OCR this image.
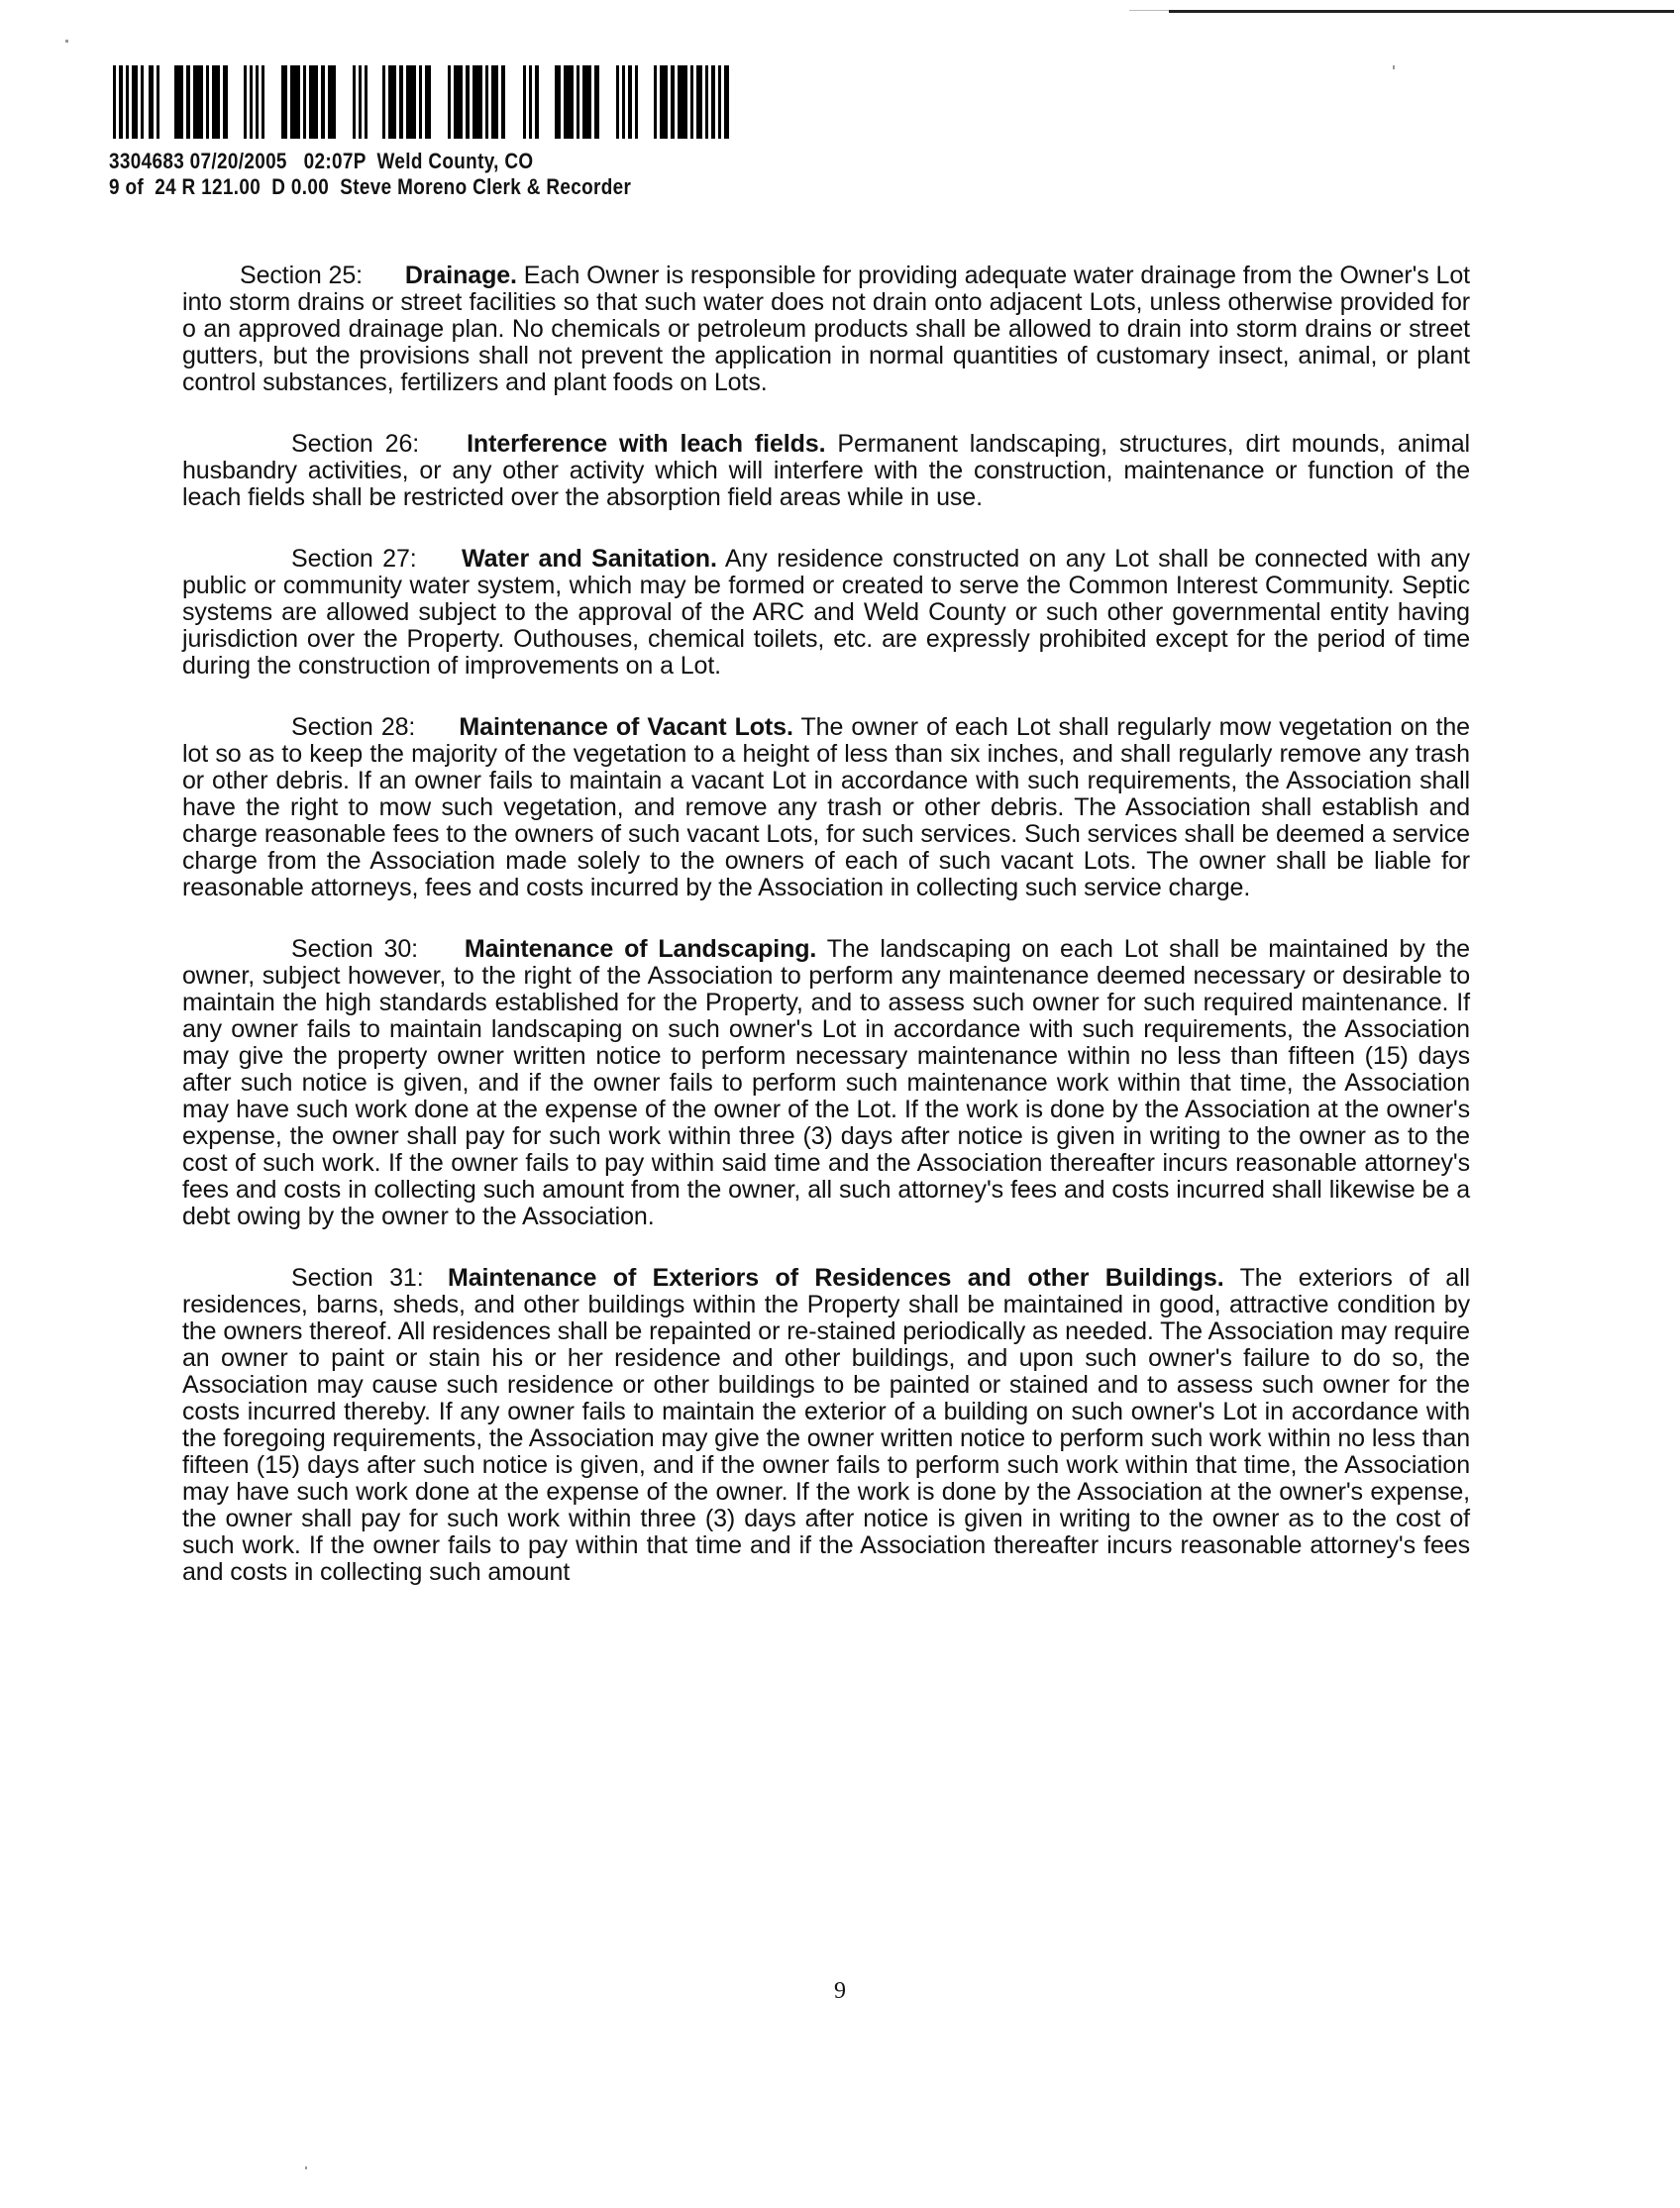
3304683 07/20/2005   02:07P  Weld County, CO
9 of  24 R 121.00  D 0.00  Steve Moreno Clerk & Recorder

Section 25: Drainage. Each Owner is responsible for providing adequate water drainage from the Owner's Lot into storm drains or street facilities so that such water does not drain onto adjacent Lots, unless otherwise provided for o an approved drainage plan. No chemicals or petroleum products shall be allowed to drain into storm drains or street gutters, but the provisions shall not prevent the application in normal quantities of customary insect, animal, or plant control substances, fertilizers and plant foods on Lots.

Section 26: Interference with leach fields. Permanent landscaping, structures, dirt mounds, animal husbandry activities, or any other activity which will interfere with the construction, maintenance or function of the leach fields shall be restricted over the absorption field areas while in use.

Section 27: Water and Sanitation. Any residence constructed on any Lot shall be connected with any public or community water system, which may be formed or created to serve the Common Interest Community. Septic systems are allowed subject to the approval of the ARC and Weld County or such other governmental entity having jurisdiction over the Property. Outhouses, chemical toilets, etc. are expressly prohibited except for the period of time during the construction of improvements on a Lot.

Section 28: Maintenance of Vacant Lots. The owner of each Lot shall regularly mow vegetation on the lot so as to keep the majority of the vegetation to a height of less than six inches, and shall regularly remove any trash or other debris. If an owner fails to maintain a vacant Lot in accordance with such requirements, the Association shall have the right to mow such vegetation, and remove any trash or other debris. The Association shall establish and charge reasonable fees to the owners of such vacant Lots, for such services. Such services shall be deemed a service charge from the Association made solely to the owners of each of such vacant Lots. The owner shall be liable for reasonable attorneys, fees and costs incurred by the Association in collecting such service charge.

Section 30: Maintenance of Landscaping. The landscaping on each Lot shall be maintained by the owner, subject however, to the right of the Association to perform any maintenance deemed necessary or desirable to maintain the high standards established for the Property, and to assess such owner for such required maintenance. If any owner fails to maintain landscaping on such owner's Lot in accordance with such requirements, the Association may give the property owner written notice to perform necessary maintenance within no less than fifteen (15) days after such notice is given, and if the owner fails to perform such maintenance work within that time, the Association may have such work done at the expense of the owner of the Lot. If the work is done by the Association at the owner's expense, the owner shall pay for such work within three (3) days after notice is given in writing to the owner as to the cost of such work. If the owner fails to pay within said time and the Association thereafter incurs reasonable attorney's fees and costs in collecting such amount from the owner, all such attorney's fees and costs incurred shall likewise be a debt owing by the owner to the Association.

Section 31: Maintenance of Exteriors of Residences and other Buildings. The exteriors of all residences, barns, sheds, and other buildings within the Property shall be maintained in good, attractive condition by the owners thereof. All residences shall be repainted or re-stained periodically as needed. The Association may require an owner to paint or stain his or her residence and other buildings, and upon such owner's failure to do so, the Association may cause such residence or other buildings to be painted or stained and to assess such owner for the costs incurred thereby. If any owner fails to maintain the exterior of a building on such owner's Lot in accordance with the foregoing requirements, the Association may give the owner written notice to perform such work within no less than fifteen (15) days after such notice is given, and if the owner fails to perform such work within that time, the Association may have such work done at the expense of the owner. If the work is done by the Association at the owner's expense, the owner shall pay for such work within three (3) days after notice is given in writing to the owner as to the cost of such work. If the owner fails to pay within that time and if the Association thereafter incurs reasonable attorney's fees and costs in collecting such amount

9
